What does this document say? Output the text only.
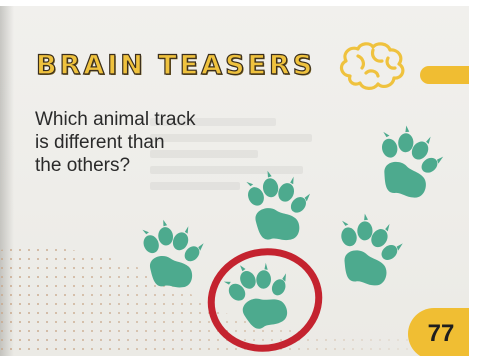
BRAIN TEASERS
Which animal track
is different than
the others?
77
